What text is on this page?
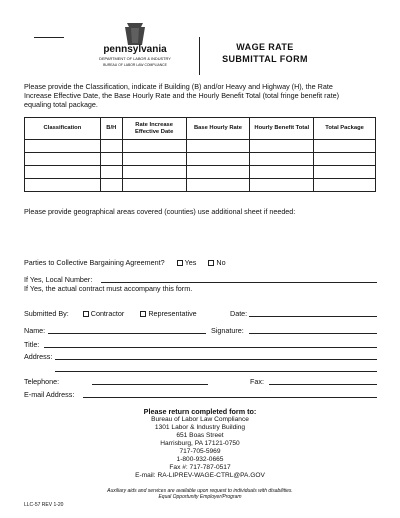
pennsylvania
DEPARTMENT OF LABOR & INDUSTRY
BUREAU OF LABOR LAW COMPLIANCE
WAGE RATE
SUBMITTAL FORM
Please provide the Classification, indicate if Building (B) and/or Heavy and Highway (H), the Rate
Increase Effective Date, the Base Hourly Rate and the Hourly Benefit Total (total fringe benefit rate)
equaling total package.
Classification	B/H	Rate Increase Effective Date	Base Hourly Rate	Hourly Benefit Total	Total Package

Please provide geographical areas covered (counties) use additional sheet if needed:
Parties to Collective Bargaining Agreement?	Yes	No
If Yes, Local Number:
If Yes, the actual contract must accompany this form.
Submitted By:	Contractor	Representative	Date:
Name:	Signature:
Title:
Address:
Telephone:	Fax:
E-mail Address:
Please return completed form to:
Bureau of Labor Law Compliance
1301 Labor & Industry Building
651 Boas Street
Harrisburg, PA 17121-0750
717-705-5969
1-800-932-0665
Fax #: 717-787-0517
E-mail: RA-LIPREV-WAGE-CTRL@PA.GOV
Auxiliary aids and services are available upon request to individuals with disabilities.
Equal Opportunity Employer/Program
LLC-57 REV 1-20
